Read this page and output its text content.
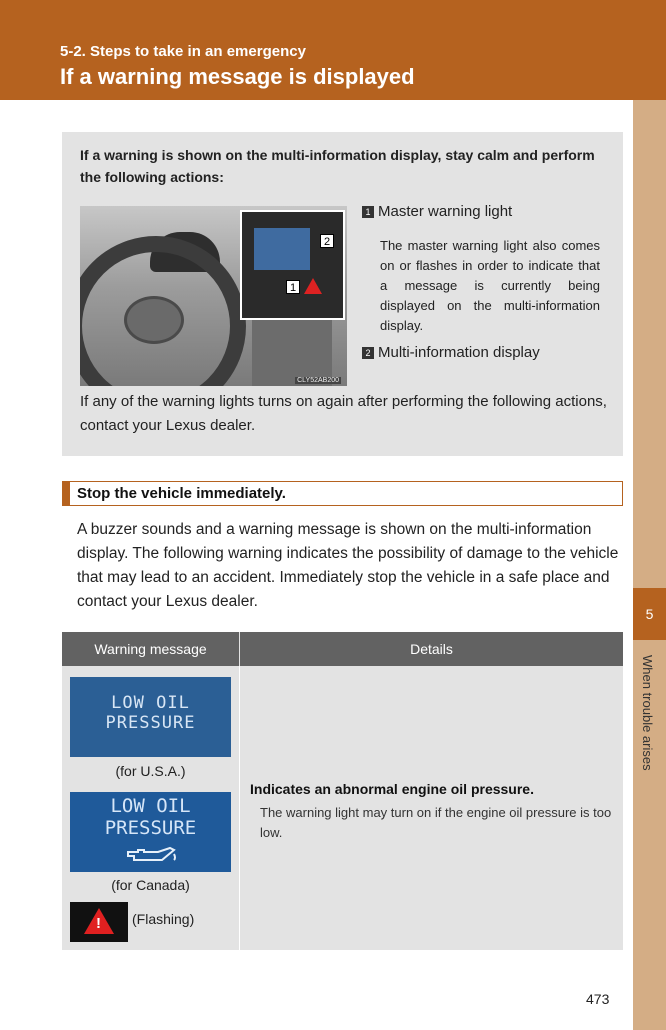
5-2. Steps to take in an emergency
If a warning message is displayed
5
When trouble arises
If a warning is shown on the multi-information display, stay calm and perform the following actions:
2
1
CLY52AB200
1 Master warning light
The master warning light also comes on or flashes in order to indicate that a message is currently being displayed on the multi-information display.
2 Multi-information display
If any of the warning lights turns on again after performing the following actions, contact your Lexus dealer.
Stop the vehicle immediately.
A buzzer sounds and a warning message is shown on the multi-information display. The following warning indicates the possibility of damage to the vehicle that may lead to an accident. Immediately stop the vehicle in a safe place and contact your Lexus dealer.
Warning message	Details
LOW OIL
PRESSURE
(for U.S.A.)
LOW OIL
PRESSURE
(for Canada)
! (Flashing)
Indicates an abnormal engine oil pressure.
The warning light may turn on if the engine oil pressure is too low.
473
